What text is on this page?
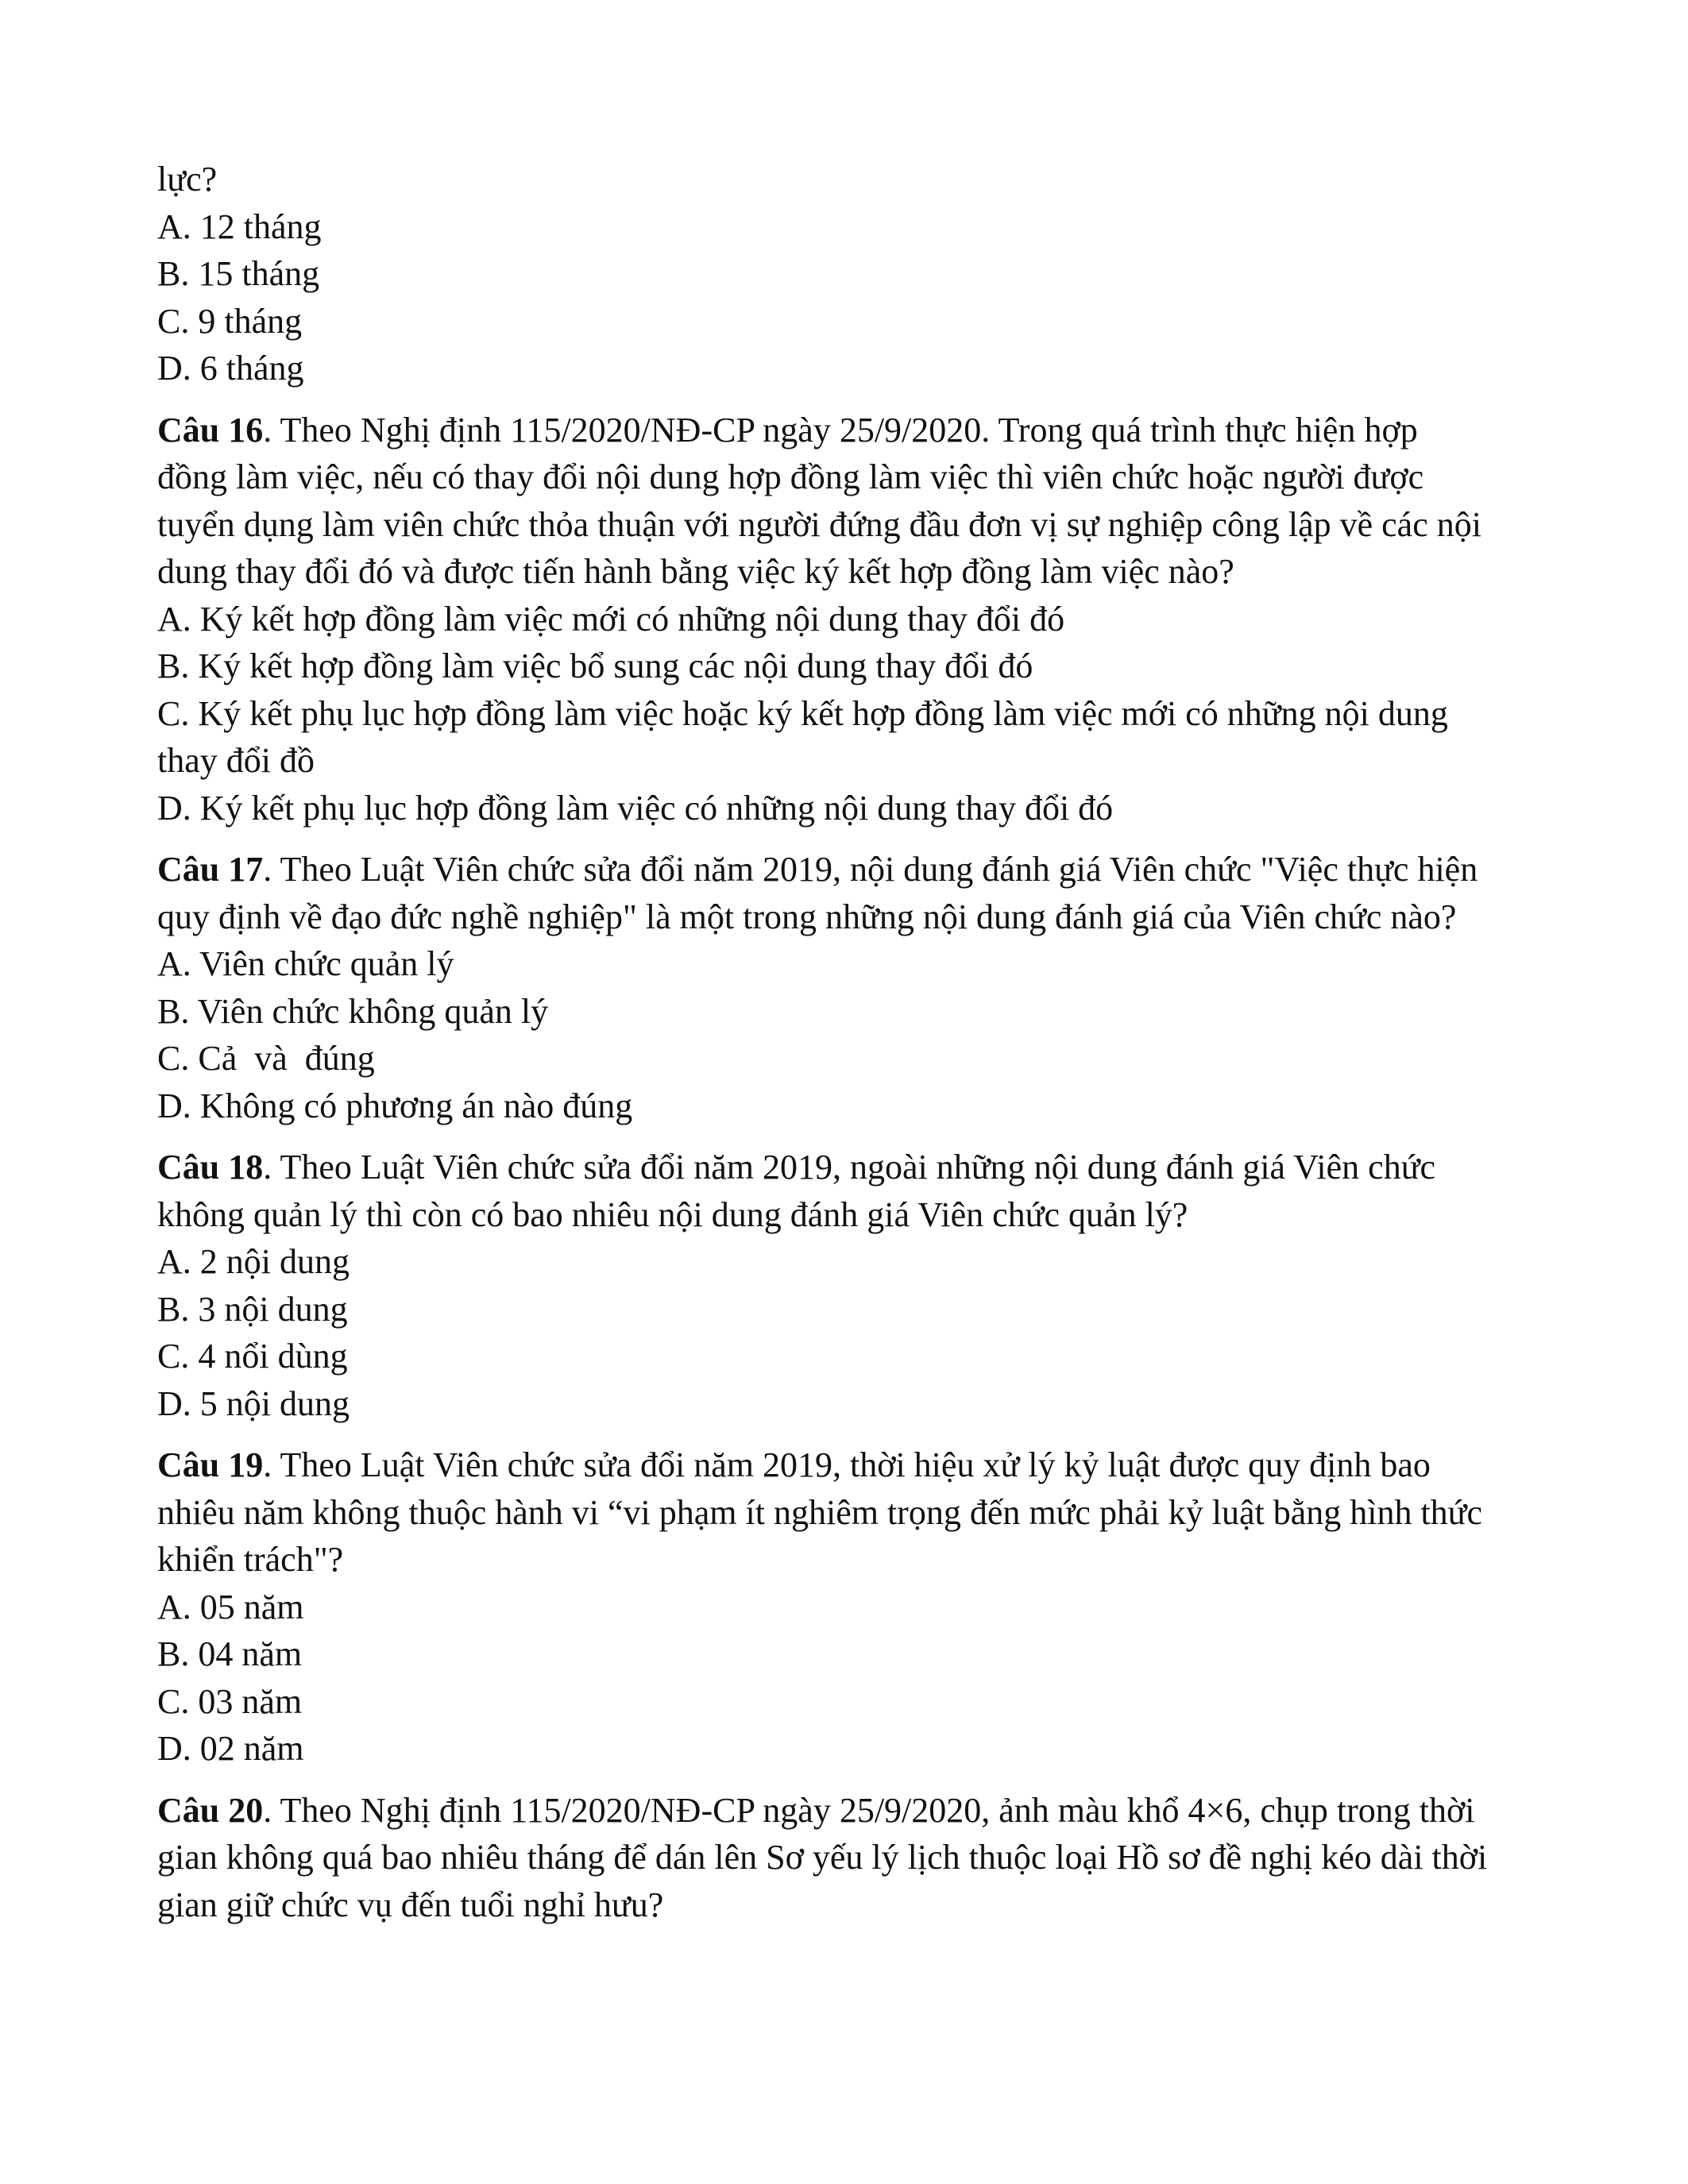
lực?
A. 12 tháng
B. 15 tháng
C. 9 tháng
D. 6 tháng
Câu 16. Theo Nghị định 115/2020/NĐ-CP ngày 25/9/2020. Trong quá trình thực hiện hợp
đồng làm việc, nếu có thay đổi nội dung hợp đồng làm việc thì viên chức hoặc người được
tuyển dụng làm viên chức thỏa thuận với người đứng đầu đơn vị sự nghiệp công lập về các nội
dung thay đổi đó và được tiến hành bằng việc ký kết hợp đồng làm việc nào?
A. Ký kết hợp đồng làm việc mới có những nội dung thay đổi đó
B. Ký kết hợp đồng làm việc bổ sung các nội dung thay đổi đó
C. Ký kết phụ lục hợp đồng làm việc hoặc ký kết hợp đồng làm việc mới có những nội dung
thay đổi đồ
D. Ký kết phụ lục hợp đồng làm việc có những nội dung thay đổi đó
Câu 17. Theo Luật Viên chức sửa đổi năm 2019, nội dung đánh giá Viên chức "Việc thực hiện
quy định về đạo đức nghề nghiệp" là một trong những nội dung đánh giá của Viên chức nào?
A. Viên chức quản lý
B. Viên chức không quản lý
C. Cả  và  đúng
D. Không có phương án nào đúng
Câu 18. Theo Luật Viên chức sửa đổi năm 2019, ngoài những nội dung đánh giá Viên chức
không quản lý thì còn có bao nhiêu nội dung đánh giá Viên chức quản lý?
A. 2 nội dung
B. 3 nội dung
C. 4 nổi dùng
D. 5 nội dung
Câu 19. Theo Luật Viên chức sửa đổi năm 2019, thời hiệu xử lý kỷ luật được quy định bao
nhiêu năm không thuộc hành vi “vi phạm ít nghiêm trọng đến mức phải kỷ luật bằng hình thức
khiển trách"?
A. 05 năm
B. 04 năm
C. 03 năm
D. 02 năm
Câu 20. Theo Nghị định 115/2020/NĐ-CP ngày 25/9/2020, ảnh màu khổ 4×6, chụp trong thời
gian không quá bao nhiêu tháng để dán lên Sơ yếu lý lịch thuộc loại Hồ sơ đề nghị kéo dài thời
gian giữ chức vụ đến tuổi nghỉ hưu?
